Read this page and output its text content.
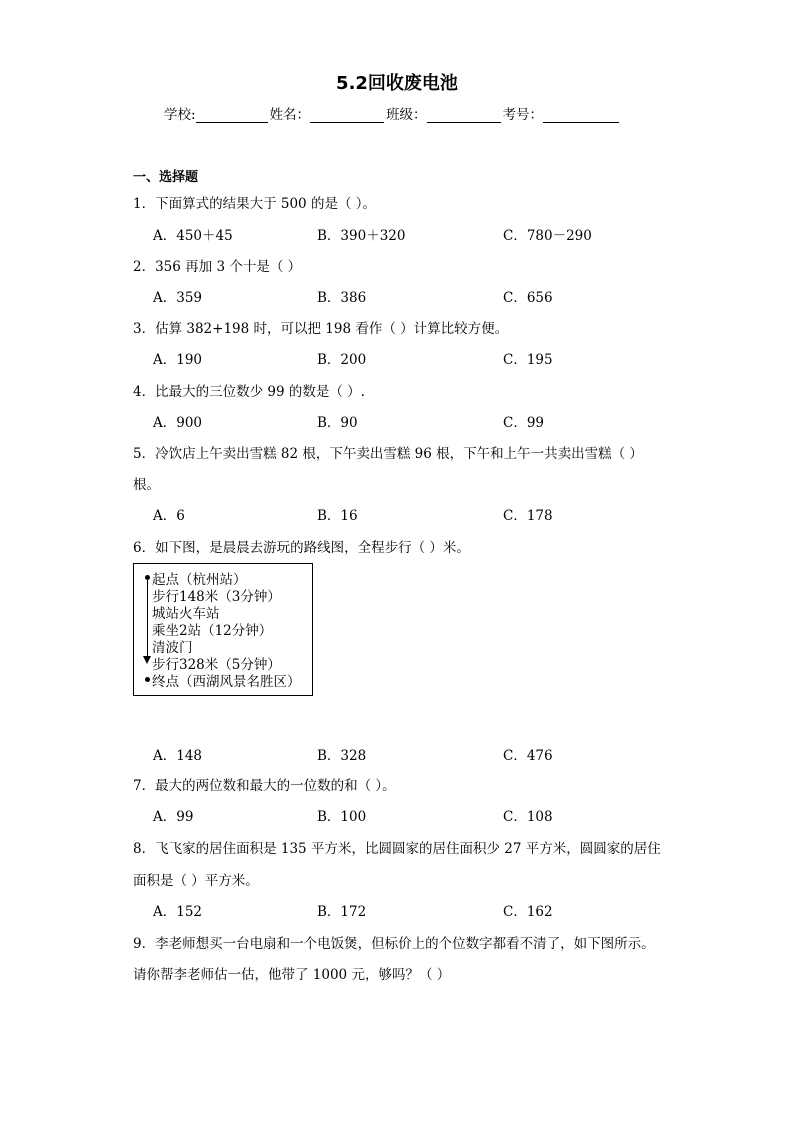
5.2回收废电池
学校:	姓名：	班级：	考号：
一、选择题
1．下面算式的结果大于 500 的是（ ）。
A．450＋45	B．390＋320	C．780－290
2．356 再加 3 个十是（ ）
A．359	B．386	C．656
3．估算 382+198 时，可以把 198 看作（ ）计算比较方便。
A．190	B．200	C．195
4．比最大的三位数少 99 的数是（ ）.
A．900	B．90	C．99
5．冷饮店上午卖出雪糕 82 根，下午卖出雪糕 96 根，下午和上午一共卖出雪糕（ ）
根。
A．6	B．16	C．178
6．如下图，是晨晨去游玩的路线图，全程步行（ ）米。
起点（杭州站）
步行148米（3分钟）
城站火车站
乘坐2站（12分钟）
清波门
步行328米（5分钟）
终点（西湖风景名胜区）
A．148	B．328	C．476
7．最大的两位数和最大的一位数的和（ ）。
A．99	B．100	C．108
8．飞飞家的居住面积是 135 平方米，比圆圆家的居住面积少 27 平方米，圆圆家的居住
面积是（ ）平方米。
A．152	B．172	C．162
9．李老师想买一台电扇和一个电饭煲，但标价上的个位数字都看不清了，如下图所示。
请你帮李老师估一估，他带了 1000 元，够吗？（ ）
